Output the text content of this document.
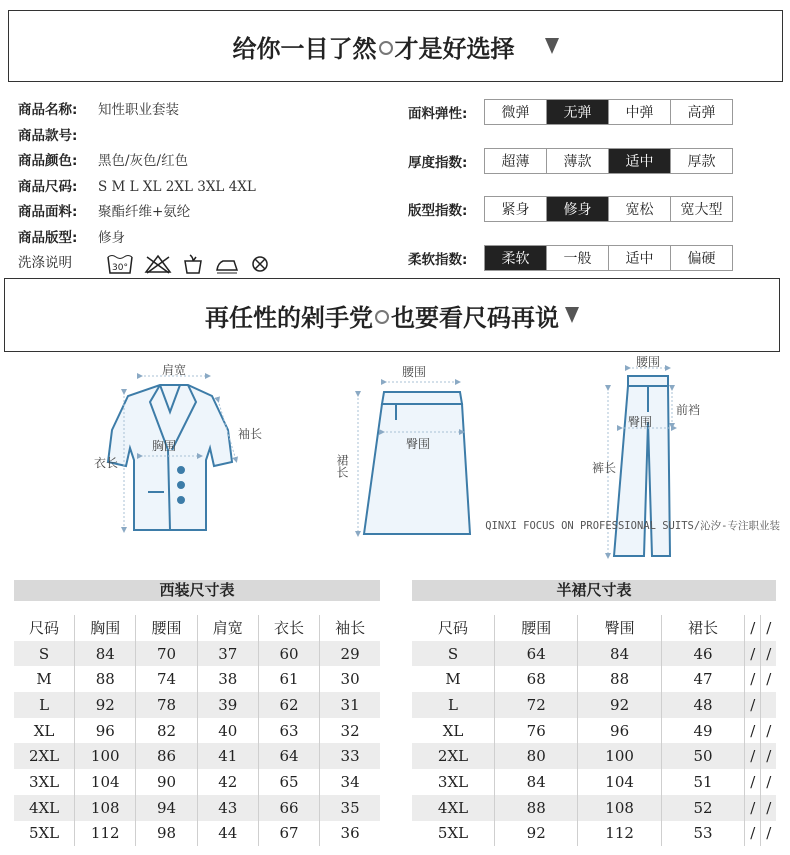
给你一目了然 才是好选择
商品名称:	知性职业套装
商品款号:
商品颜色:	黑色/灰色/红色
商品尺码:	S M L XL 2XL 3XL 4XL
商品面料:	聚酯纤维+氨纶
商品版型:	修身
洗涤说明	30°
面料弹性:	微弹	无弹	中弹	高弹
厚度指数:	超薄	薄款	适中	厚款
版型指数:	紧身	修身	宽松	宽大型
柔软指数:	柔软	一般	适中	偏硬
再任性的剁手党 也要看尺码再说
肩宽
胸围
袖长
衣长
腰围
臀围
裙长
腰围
臀围
前裆
裤长
QINXI FOCUS ON PROFESSIONAL SUITS/沁汐-专注职业装
西装尺寸表
尺码	胸围	腰围	肩宽	衣长	袖长
S	84	70	37	60	29
M	88	74	38	61	30
L	92	78	39	62	31
XL	96	82	40	63	32
2XL	100	86	41	64	33
3XL	104	90	42	65	34
4XL	108	94	43	66	35
5XL	112	98	44	67	36
半裙尺寸表
尺码	腰围	臀围	裙长	/	/
S	64	84	46	/	/
M	68	88	47	/	/
L	72	92	48	/	
XL	76	96	49	/	/
2XL	80	100	50	/	/
3XL	84	104	51	/	/
4XL	88	108	52	/	/
5XL	92	112	53	/	/
